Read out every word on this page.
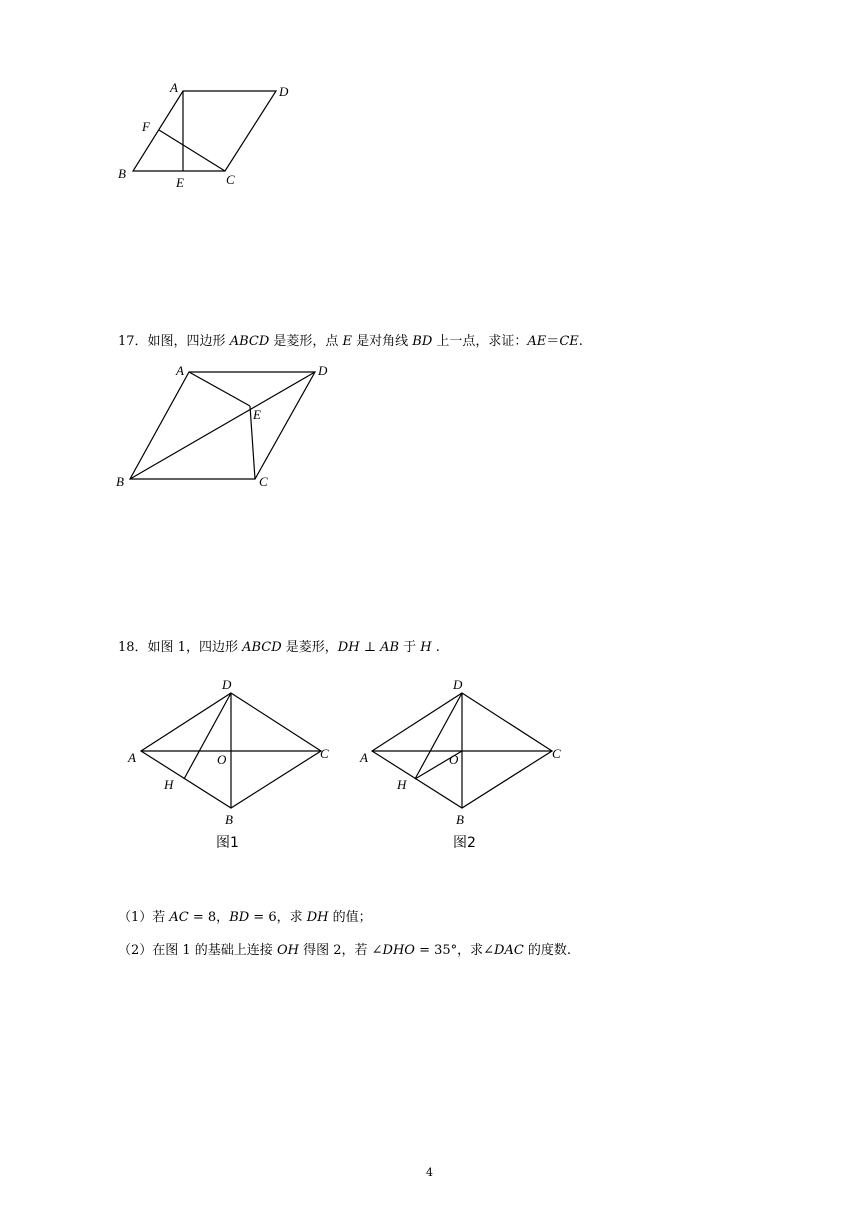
A	D
F
B
E	C
17．如图，四边形 ABCD 是菱形，点 E 是对角线 BD 上一点，求证：AE＝CE.
A	D
E
B	C
18．如图 1，四边形 ABCD 是菱形，DH ⊥ AB 于 H .
D
A	O	C
H
B
图1
D
A	O	C
H
B
图2
（1）若 AC = 8，BD = 6，求 DH 的值；
（2）在图 1 的基础上连接 OH 得图 2，若 ∠DHO = 35°，求∠DAC 的度数.
4
